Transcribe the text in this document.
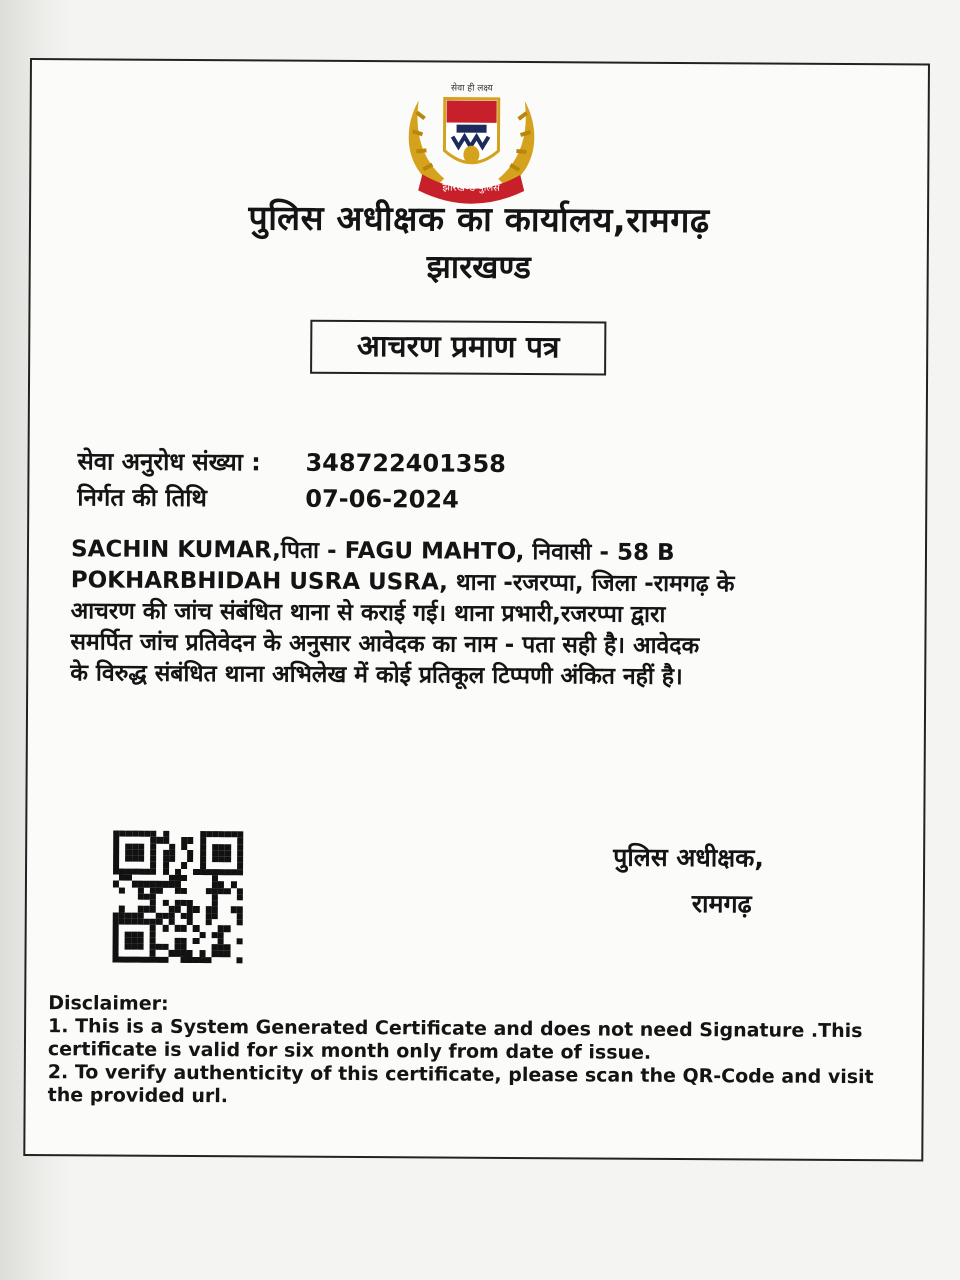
झारखण्ड पुलिस
सेवा ही लक्ष्य
पुलिस अधीक्षक का कार्यालय,रामगढ़
झारखण्ड
आचरण प्रमाण पत्र
सेवा अनुरोध संख्या : 348722401358
निर्गत की तिथि	07-06-2024
SACHIN KUMAR,पिता - FAGU MAHTO, निवासी - 58 B
POKHARBHIDAH USRA USRA, थाना -रजरप्पा, जिला -रामगढ़ के
आचरण की जांच संबंधित थाना से कराई गई। थाना प्रभारी,रजरप्पा द्वारा
समर्पित जांच प्रतिवेदन के अनुसार आवेदक का नाम - पता सही है। आवेदक
के विरुद्ध संबंधित थाना अभिलेख में कोई प्रतिकूल टिप्पणी अंकित नहीं है।
पुलिस अधीक्षक,
रामगढ़

Disclaimer:

1. This is a System Generated Certificate and does not need Signature .This certificate is valid for six month only from date of issue.

2. To verify authenticity of this certificate, please scan the QR-Code and visit the provided url.
